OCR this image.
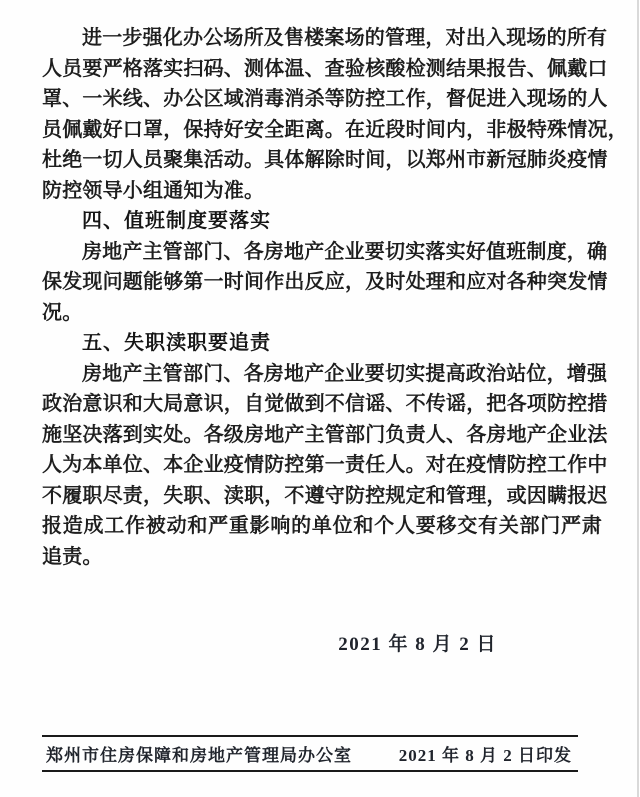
进一步强化办公场所及售楼案场的管理，对出入现场的所有
人员要严格落实扫码、测体温、查验核酸检测结果报告、佩戴口
罩、一米线、办公区域消毒消杀等防控工作，督促进入现场的人
员佩戴好口罩，保持好安全距离。在近段时间内，非极特殊情况，
杜绝一切人员聚集活动。具体解除时间，以郑州市新冠肺炎疫情
防控领导小组通知为准。
四、值班制度要落实
房地产主管部门、各房地产企业要切实落实好值班制度，确
保发现问题能够第一时间作出反应，及时处理和应对各种突发情
况。
五、失职渎职要追责
房地产主管部门、各房地产企业要切实提高政治站位，增强
政治意识和大局意识，自觉做到不信谣、不传谣，把各项防控措
施坚决落到实处。各级房地产主管部门负责人、各房地产企业法
人为本单位、本企业疫情防控第一责任人。对在疫情防控工作中
不履职尽责，失职、渎职，不遵守防控规定和管理，或因瞒报迟
报造成工作被动和严重影响的单位和个人要移交有关部门严肃
追责。
2021 年 8 月 2 日
郑州市住房保障和房地产管理局办公室	2021 年 8 月 2 日印发
